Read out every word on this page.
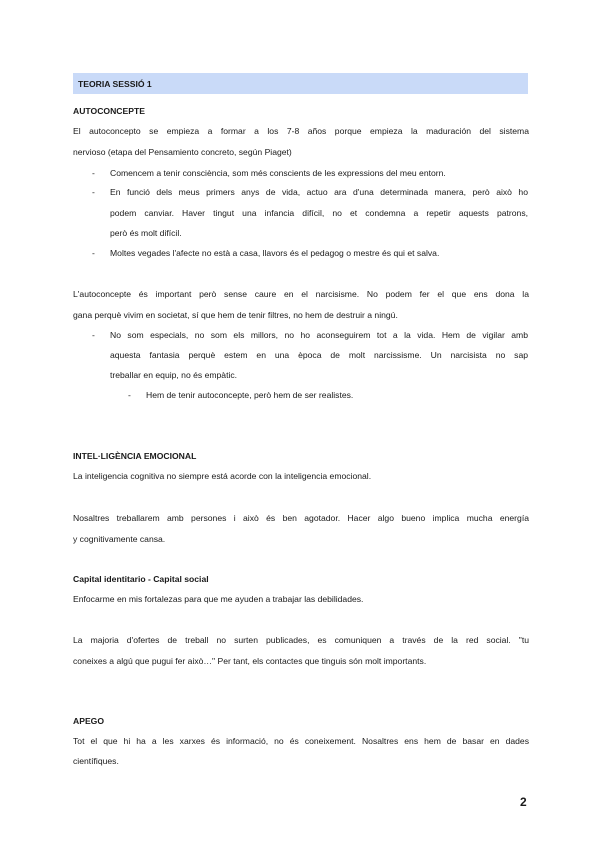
TEORIA SESSIÓ 1
AUTOCONCEPTE
El autoconcepto se empieza a formar a los 7-8 años porque empieza la maduración del sistema
nervioso (etapa del Pensamiento concreto, según Piaget)
- Comencem a tenir consciència, som més conscients de les expressions del meu entorn.
- En funció dels meus primers anys de vida, actuo ara d'una determinada manera, però això ho
podem canviar. Haver tingut una infancia difícil, no et condemna a repetir aquests patrons,
però és molt difícil.
- Moltes vegades l'afecte no està a casa, llavors és el pedagog o mestre és qui et salva.
L'autoconcepte és important però sense caure en el narcisisme. No podem fer el que ens dona la
gana perquè vivim en societat, sí que hem de tenir filtres, no hem de destruir a ningú.
- No som especials, no som els millors, no ho aconseguirem tot a la vida. Hem de vigilar amb
aquesta fantasia perquè estem en una època de molt narcissisme. Un narcisista no sap
treballar en equip, no és empàtic.
- Hem de tenir autoconcepte, però hem de ser realistes.
INTEL·LIGÈNCIA EMOCIONAL
La inteligencia cognitiva no siempre está acorde con la inteligencia emocional.
Nosaltres treballarem amb persones i això és ben agotador. Hacer algo bueno implica mucha energía
y cognitivamente cansa.
Capital identitario - Capital social
Enfocarme en mis fortalezas para que me ayuden a trabajar las debilidades.
La majoria d'ofertes de treball no surten publicades, es comuniquen a través de la red social. "tu
coneixes a algú que pugui fer això…" Per tant, els contactes que tinguis són molt importants.
APEGO
Tot el que hi ha a les xarxes és informació, no és coneixement. Nosaltres ens hem de basar en dades
científiques.
2
